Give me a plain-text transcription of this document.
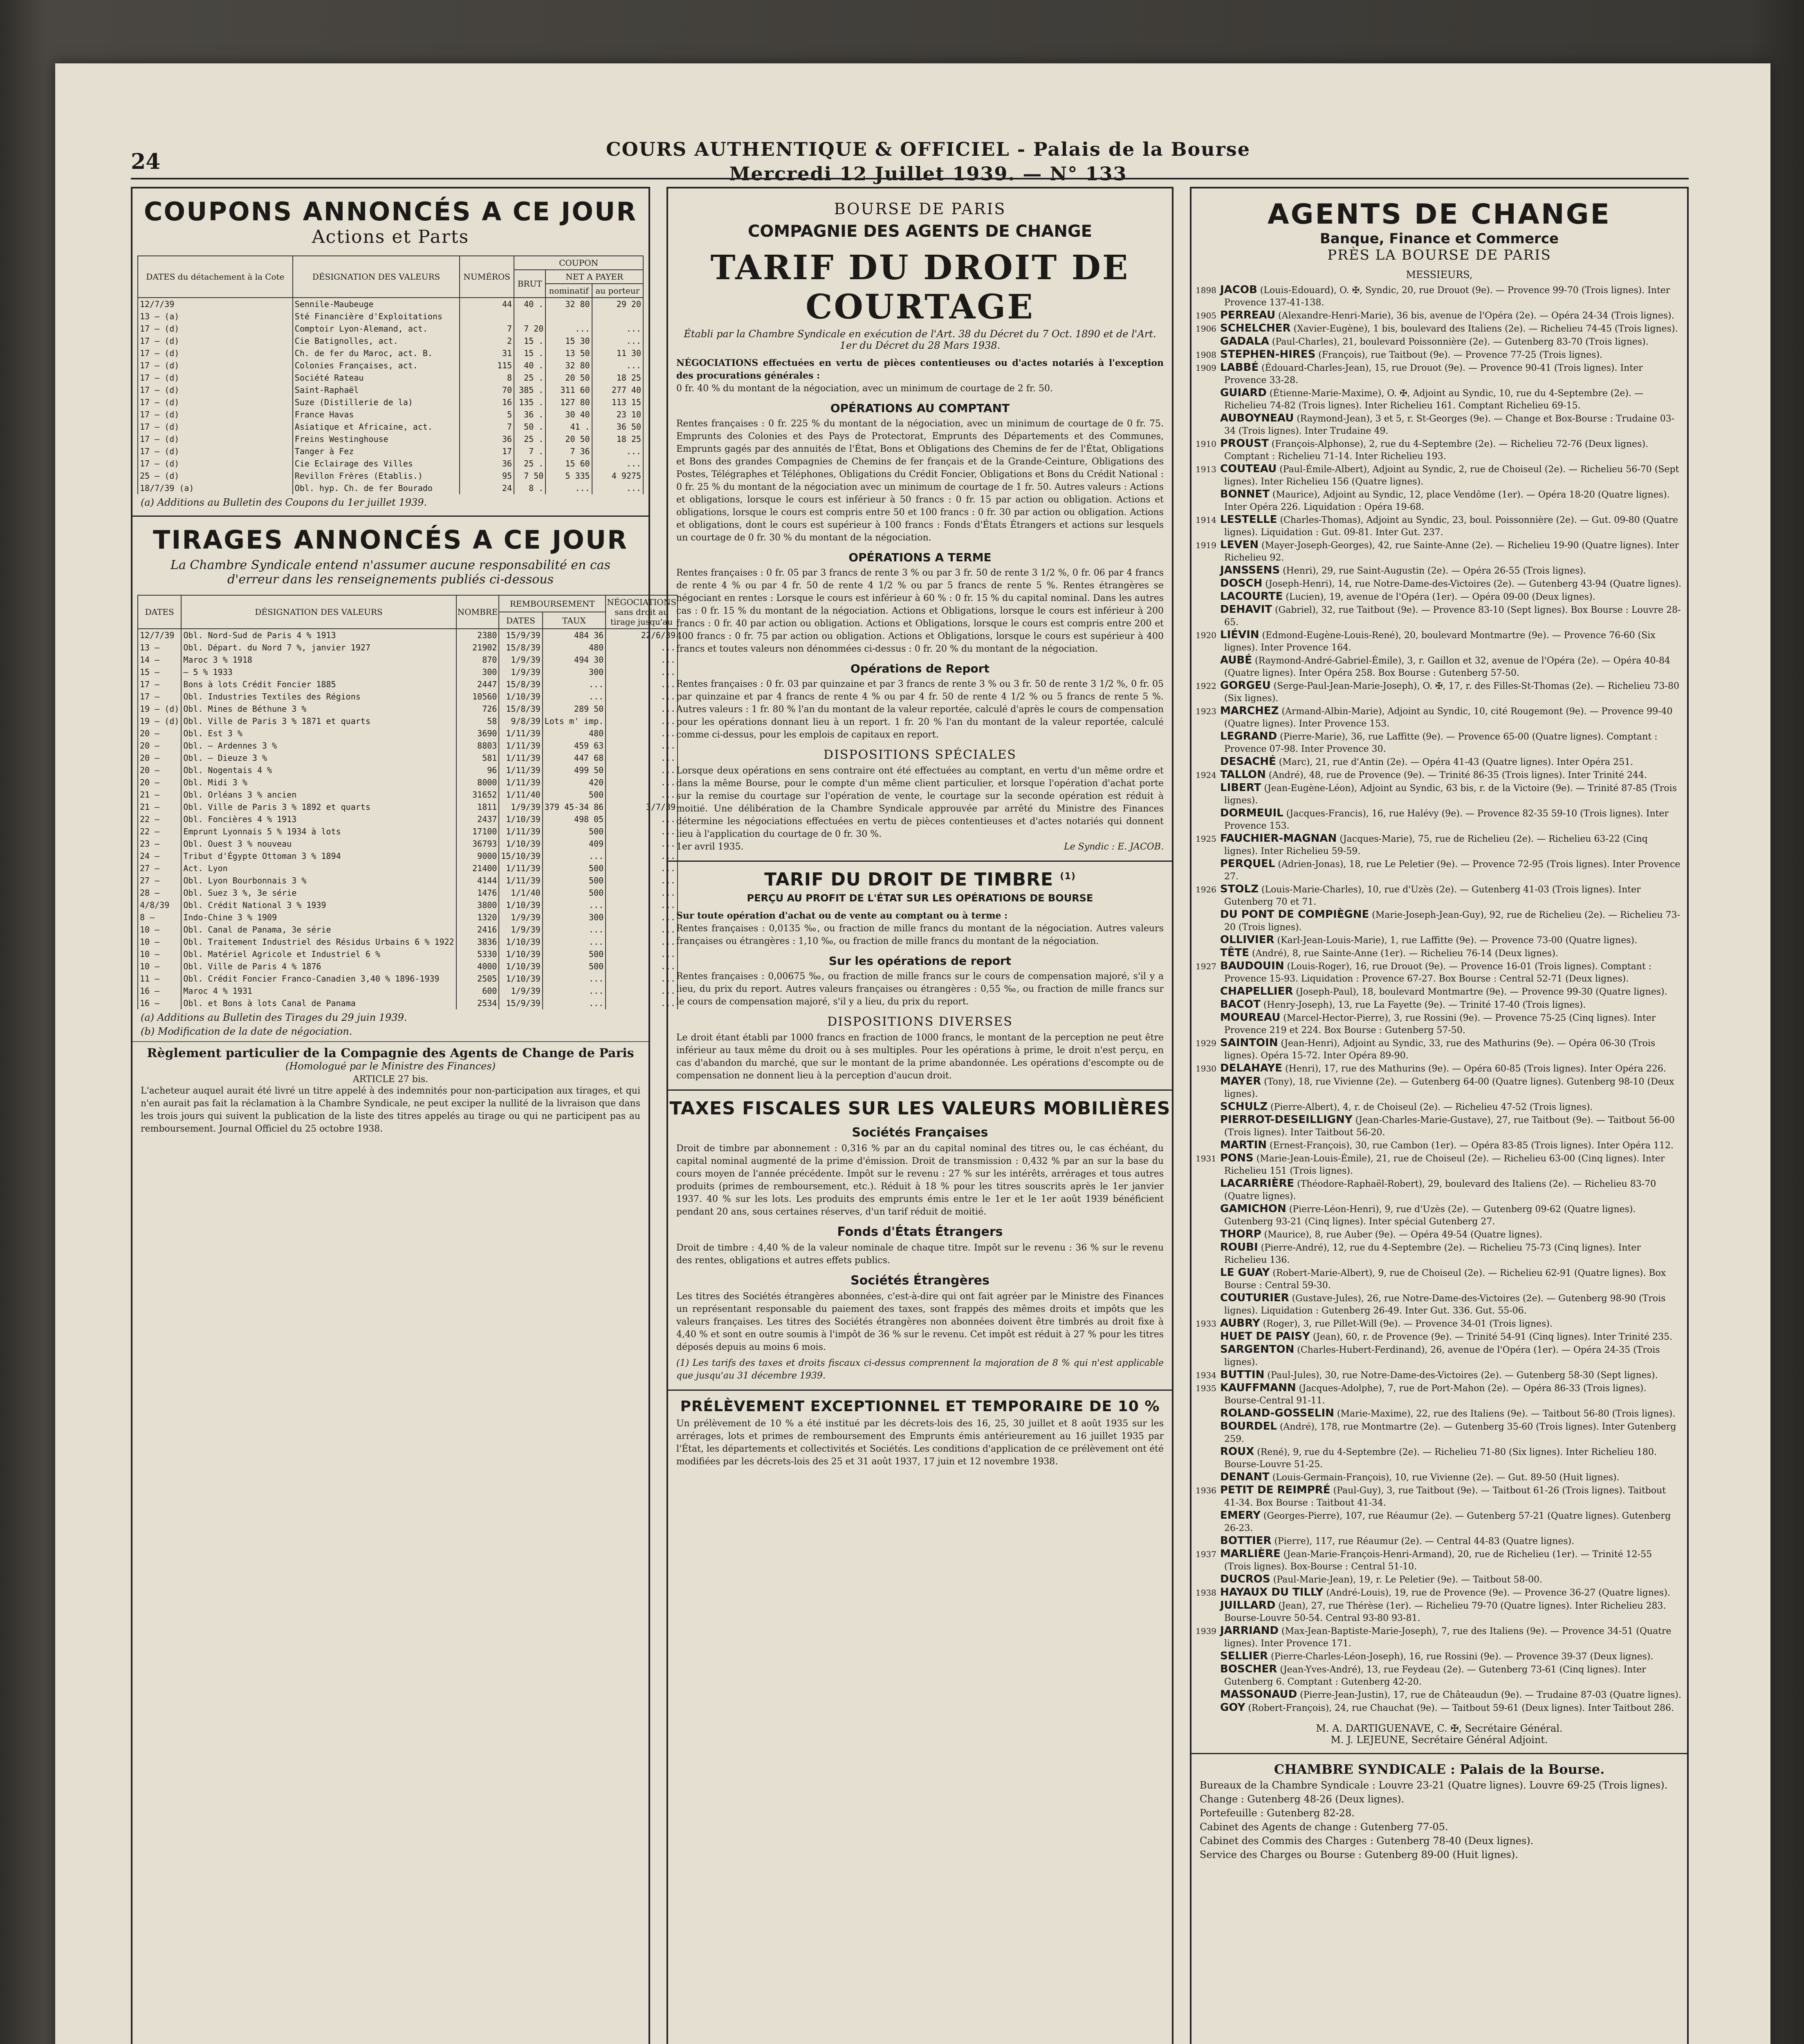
24	COURS AUTHENTIQUE & OFFICIEL - Palais de la Bourse
Mercredi 12 Juillet 1939. — N° 133
COUPONS ANNONCÉS A CE JOUR
Actions et Parts
DATES du détachement à la Cote	DÉSIGNATION DES VALEURS	NUMÉROS	COUPON		
			BRUT	NET A PAYER	
				nominatif	au porteur
12/7/39	Sennile-Maubeuge	44	40 .	32 80	29 20
13 — (a)	Sté Financière d'Exploitations				
17 — (d)	Comptoir Lyon-Alemand, act.	7	7 20	...	...
17 — (d)	Cie Batignolles, act.	2	15 .	15 30	...
17 — (d)	Ch. de fer du Maroc, act. B.	31	15 .	13 50	11 30
17 — (d)	Colonies Françaises, act.	115	40 .	32 80	...
17 — (d)	Société Rateau	8	25 .	20 50	18 25
17 — (d)	Saint-Raphaël	70	385 .	311 60	277 40
17 — (d)	Suze (Distillerie de la)	16	135 .	127 80	113 15
17 — (d)	France Havas	5	36 .	30 40	23 10
17 — (d)	Asiatique et Africaine, act.	7	50 .	41 .	36 50
17 — (d)	Freins Westinghouse	36	25 .	20 50	18 25
17 — (d)	Tanger à Fez	17	7 .	7 36	...
17 — (d)	Cie Eclairage des Villes	36	25 .	15 60	...
25 — (d)	Revillon Frères (Etablis.)	95	7 50	5 335	4 9275
18/7/39 (a)	Obl. hyp. Ch. de fer Bourado	24	8 .	...	...
(a) Additions au Bulletin des Coupons du 1er juillet 1939.
TIRAGES ANNONCÉS A CE JOUR
La Chambre Syndicale entend n'assumer aucune responsabilité en cas d'erreur dans les renseignements publiés ci-dessous
DATES	DÉSIGNATION DES VALEURS	NOMBRE	REMBOURSEMENT		NÉGOCIATIONS sans droit au tirage jusqu'au
			DATES	TAUX	
12/7/39	Obl. Nord-Sud de Paris 4 % 1913	2380	15/9/39	484 36	22/6/39
13 —	Obl. Départ. du Nord 7 %, janvier 1927	21902	15/8/39	480	...
14 —	Maroc 3 % 1918	870	1/9/39	494 30	...
15 —	— 5 % 1933	300	1/9/39	300	...
17 —	Bons à lots Crédit Foncier 1885	2447	15/8/39	...	...
17 —	Obl. Industries Textiles des Régions	10560	1/10/39	...	...
19 — (d)	Obl. Mines de Béthune 3 %	726	15/8/39	289 50	...
19 — (d)	Obl. Ville de Paris 3 % 1871 et quarts	58	9/8/39	Lots m' imp.	...
20 —	Obl. Est 3 %	3690	1/11/39	480	...
20 —	Obl. — Ardennes 3 %	8803	1/11/39	459 63	...
20 —	Obl. — Dieuze 3 %	581	1/11/39	447 68	...
20 —	Obl. Nogentais 4 %	96	1/11/39	499 50	...
20 —	Obl. Midi 3 %	8000	1/11/39	420	...
21 —	Obl. Orléans 3 % ancien	31652	1/11/40	500	...
21 —	Obl. Ville de Paris 3 % 1892 et quarts	1811	1/9/39	379 45-34 86	3/7/39
22 —	Obl. Foncières 4 % 1913	2437	1/10/39	498 05	...
22 —	Emprunt Lyonnais 5 % 1934 à lots	17100	1/11/39	500	...
23 —	Obl. Ouest 3 % nouveau	36793	1/10/39	409	...
24 —	Tribut d'Égypte Ottoman 3 % 1894	9000	15/10/39	...	...
27 —	Act. Lyon	21400	1/11/39	500	...
27 —	Obl. Lyon Bourbonnais 3 %	4144	1/11/39	500	...
28 —	Obl. Suez 3 %, 3e série	1476	1/1/40	500	...
4/8/39	Obl. Crédit National 3 % 1939	3800	1/10/39	...	...
8 —	Indo-Chine 3 % 1909	1320	1/9/39	300	...
10 —	Obl. Canal de Panama, 3e série	2416	1/9/39	...	...
10 —	Obl. Traitement Industriel des Résidus Urbains 6 % 1922	3836	1/10/39	...	...
10 —	Obl. Matériel Agricole et Industriel 6 %	5330	1/10/39	500	...
10 —	Obl. Ville de Paris 4 % 1876	4000	1/10/39	500	...
11 —	Obl. Crédit Foncier Franco-Canadien 3,40 % 1896-1939	2505	1/10/39	...	...
16 —	Maroc 4 % 1931	600	1/9/39	...	...
16 —	Obl. et Bons à lots Canal de Panama	2534	15/9/39	...	...
(a) Additions au Bulletin des Tirages du 29 juin 1939.
(b) Modification de la date de négociation.
Règlement particulier de la Compagnie des Agents de Change de Paris
(Homologué par le Ministre des Finances)
ARTICLE 27 bis.
L'acheteur auquel aurait été livré un titre appelé à des indemnités pour non-participation aux tirages, et qui n'en aurait pas fait la réclamation à la Chambre Syndicale, ne peut exciper la nullité de la livraison que dans les trois jours qui suivent la publication de la liste des titres appelés au tirage ou qui ne participent pas au remboursement. Journal Officiel du 25 octobre 1938.
BOURSE DE PARIS
COMPAGNIE DES AGENTS DE CHANGE
TARIF DU DROIT DE COURTAGE
Établi par la Chambre Syndicale en exécution de l'Art. 38 du Décret du 7 Oct. 1890 et de l'Art. 1er du Décret du 28 Mars 1938.
NÉGOCIATIONS effectuées en vertu de pièces contentieuses ou d'actes notariés à l'exception des procurations générales :
0 fr. 40 % du montant de la négociation, avec un minimum de courtage de 2 fr. 50.
OPÉRATIONS AU COMPTANT
Rentes françaises : 0 fr. 225 % du montant de la négociation, avec un minimum de courtage de 0 fr. 75. Emprunts des Colonies et des Pays de Protectorat, Emprunts des Départements et des Communes, Emprunts gagés par des annuités de l'État, Bons et Obligations des Chemins de fer de l'État, Obligations et Bons des grandes Compagnies de Chemins de fer français et de la Grande-Ceinture, Obligations des Postes, Télégraphes et Téléphones, Obligations du Crédit Foncier, Obligations et Bons du Crédit National : 0 fr. 25 % du montant de la négociation avec un minimum de courtage de 1 fr. 50. Autres valeurs : Actions et obligations, lorsque le cours est inférieur à 50 francs : 0 fr. 15 par action ou obligation. Actions et obligations, lorsque le cours est compris entre 50 et 100 francs : 0 fr. 30 par action ou obligation. Actions et obligations, dont le cours est supérieur à 100 francs : Fonds d'États Étrangers et actions sur lesquels un courtage de 0 fr. 30 % du montant de la négociation.
OPÉRATIONS A TERME
Rentes françaises : 0 fr. 05 par 3 francs de rente 3 % ou par 3 fr. 50 de rente 3 1/2 %, 0 fr. 06 par 4 francs de rente 4 % ou par 4 fr. 50 de rente 4 1/2 % ou par 5 francs de rente 5 %. Rentes étrangères se négociant en rentes : Lorsque le cours est inférieur à 60 % : 0 fr. 15 % du capital nominal. Dans les autres cas : 0 fr. 15 % du montant de la négociation. Actions et Obligations, lorsque le cours est inférieur à 200 francs : 0 fr. 40 par action ou obligation. Actions et Obligations, lorsque le cours est compris entre 200 et 400 francs : 0 fr. 75 par action ou obligation. Actions et Obligations, lorsque le cours est supérieur à 400 francs et toutes valeurs non dénommées ci-dessus : 0 fr. 20 % du montant de la négociation.
Opérations de Report
Rentes françaises : 0 fr. 03 par quinzaine et par 3 francs de rente 3 % ou 3 fr. 50 de rente 3 1/2 %, 0 fr. 05 par quinzaine et par 4 francs de rente 4 % ou par 4 fr. 50 de rente 4 1/2 % ou 5 francs de rente 5 %. Autres valeurs : 1 fr. 80 % l'an du montant de la valeur reportée, calculé d'après le cours de compensation pour les opérations donnant lieu à un report. 1 fr. 20 % l'an du montant de la valeur reportée, calculé comme ci-dessus, pour les emplois de capitaux en report.
DISPOSITIONS SPÉCIALES
Lorsque deux opérations en sens contraire ont été effectuées au comptant, en vertu d'un même ordre et dans la même Bourse, pour le compte d'un même client particulier, et lorsque l'opération d'achat porte sur la remise du courtage sur l'opération de vente, le courtage sur la seconde opération est réduit à moitié. Une délibération de la Chambre Syndicale approuvée par arrêté du Ministre des Finances détermine les négociations effectuées en vertu de pièces contentieuses et d'actes notariés qui donnent lieu à l'application du courtage de 0 fr. 30 %.
1er avril 1935.	Le Syndic : E. JACOB.
TARIF DU DROIT DE TIMBRE $^{(1)}$
PERÇU AU PROFIT DE L'ÉTAT SUR LES OPÉRATIONS DE BOURSE
Sur toute opération d'achat ou de vente au comptant ou à terme :
Rentes françaises : 0,0135 ‰, ou fraction de mille francs du montant de la négociation. Autres valeurs françaises ou étrangères : 1,10 ‰, ou fraction de mille francs du montant de la négociation.
Sur les opérations de report
Rentes françaises : 0,00675 ‰, ou fraction de mille francs sur le cours de compensation majoré, s'il y a lieu, du prix du report. Autres valeurs françaises ou étrangères : 0,55 ‰, ou fraction de mille francs sur le cours de compensation majoré, s'il y a lieu, du prix du report.
DISPOSITIONS DIVERSES
Le droit étant établi par 1000 francs en fraction de 1000 francs, le montant de la perception ne peut être inférieur au taux même du droit ou à ses multiples. Pour les opérations à prime, le droit n'est perçu, en cas d'abandon du marché, que sur le montant de la prime abandonnée. Les opérations d'escompte ou de compensation ne donnent lieu à la perception d'aucun droit.
TAXES FISCALES SUR LES VALEURS MOBILIÈRES
Sociétés Françaises
Droit de timbre par abonnement : 0,316 % par an du capital nominal des titres ou, le cas échéant, du capital nominal augmenté de la prime d'émission. Droit de transmission : 0,432 % par an sur la base du cours moyen de l'année précédente. Impôt sur le revenu : 27 % sur les intérêts, arrérages et tous autres produits (primes de remboursement, etc.). Réduit à 18 % pour les titres souscrits après le 1er janvier 1937. 40 % sur les lots. Les produits des emprunts émis entre le 1er et le 1er août 1939 bénéficient pendant 20 ans, sous certaines réserves, d'un tarif réduit de moitié.
Fonds d'États Étrangers
Droit de timbre : 4,40 % de la valeur nominale de chaque titre. Impôt sur le revenu : 36 % sur le revenu des rentes, obligations et autres effets publics.
Sociétés Étrangères
Les titres des Sociétés étrangères abonnées, c'est-à-dire qui ont fait agréer par le Ministre des Finances un représentant responsable du paiement des taxes, sont frappés des mêmes droits et impôts que les valeurs françaises. Les titres des Sociétés étrangères non abonnées doivent être timbrés au droit fixe à 4,40 % et sont en outre soumis à l'impôt de 36 % sur le revenu. Cet impôt est réduit à 27 % pour les titres déposés depuis au moins 6 mois.
(1) Les tarifs des taxes et droits fiscaux ci-dessus comprennent la majoration de 8 % qui n'est applicable que jusqu'au 31 décembre 1939.
PRÉLÈVEMENT EXCEPTIONNEL ET TEMPORAIRE DE 10 %
Un prélèvement de 10 % a été institué par les décrets-lois des 16, 25, 30 juillet et 8 août 1935 sur les arrérages, lots et primes de remboursement des Emprunts émis antérieurement au 16 juillet 1935 par l'État, les départements et collectivités et Sociétés. Les conditions d'application de ce prélèvement ont été modifiées par les décrets-lois des 25 et 31 août 1937, 17 juin et 12 novembre 1938.
AGENTS DE CHANGE
Banque, Finance et Commerce
PRÈS LA BOURSE DE PARIS
MESSIEURS,
1898 JACOB (Louis-Edouard), O. ✠, Syndic, 20, rue Drouot (9e). — Provence 99-70 (Trois lignes). Inter Provence 137-41-138.
1905 PERREAU (Alexandre-Henri-Marie), 36 bis, avenue de l'Opéra (2e). — Opéra 24-34 (Trois lignes).
1906 SCHELCHER (Xavier-Eugène), 1 bis, boulevard des Italiens (2e). — Richelieu 74-45 (Trois lignes).
GADALA (Paul-Charles), 21, boulevard Poissonnière (2e). — Gutenberg 83-70 (Trois lignes).
1908 STEPHEN-HIRES (François), rue Taitbout (9e). — Provence 77-25 (Trois lignes).
1909 LABBÉ (Édouard-Charles-Jean), 15, rue Drouot (9e). — Provence 90-41 (Trois lignes). Inter Provence 33-28.
GUIARD (Étienne-Marie-Maxime), O. ✠, Adjoint au Syndic, 10, rue du 4-Septembre (2e). — Richelieu 74-82 (Trois lignes). Inter Richelieu 161. Comptant Richelieu 69-15.
AUBOYNEAU (Raymond-Jean), 3 et 5, r. St-Georges (9e). — Change et Box-Bourse : Trudaine 03-34 (Trois lignes). Inter Trudaine 49.
1910 PROUST (François-Alphonse), 2, rue du 4-Septembre (2e). — Richelieu 72-76 (Deux lignes). Comptant : Richelieu 71-14. Inter Richelieu 193.
1913 COUTEAU (Paul-Émile-Albert), Adjoint au Syndic, 2, rue de Choiseul (2e). — Richelieu 56-70 (Sept lignes). Inter Richelieu 156 (Quatre lignes).
BONNET (Maurice), Adjoint au Syndic, 12, place Vendôme (1er). — Opéra 18-20 (Quatre lignes). Inter Opéra 226. Liquidation : Opéra 19-68.
1914 LESTELLE (Charles-Thomas), Adjoint au Syndic, 23, boul. Poissonnière (2e). — Gut. 09-80 (Quatre lignes). Liquidation : Gut. 09-81. Inter Gut. 237.
1919 LEVEN (Mayer-Joseph-Georges), 42, rue Sainte-Anne (2e). — Richelieu 19-90 (Quatre lignes). Inter Richelieu 92.
JANSSENS (Henri), 29, rue Saint-Augustin (2e). — Opéra 26-55 (Trois lignes).
DOSCH (Joseph-Henri), 14, rue Notre-Dame-des-Victoires (2e). — Gutenberg 43-94 (Quatre lignes).
LACOURTE (Lucien), 19, avenue de l'Opéra (1er). — Opéra 09-00 (Deux lignes).
DEHAVIT (Gabriel), 32, rue Taitbout (9e). — Provence 83-10 (Sept lignes). Box Bourse : Louvre 28-65.
1920 LIÉVIN (Edmond-Eugène-Louis-René), 20, boulevard Montmartre (9e). — Provence 76-60 (Six lignes). Inter Provence 164.
AUBÉ (Raymond-André-Gabriel-Émile), 3, r. Gaillon et 32, avenue de l'Opéra (2e). — Opéra 40-84 (Quatre lignes). Inter Opéra 258. Box Bourse : Gutenberg 57-50.
1922 GORGEU (Serge-Paul-Jean-Marie-Joseph), O. ✠, 17, r. des Filles-St-Thomas (2e). — Richelieu 73-80 (Six lignes).
1923 MARCHEZ (Armand-Albin-Marie), Adjoint au Syndic, 10, cité Rougemont (9e). — Provence 99-40 (Quatre lignes). Inter Provence 153.
LEGRAND (Pierre-Marie), 36, rue Laffitte (9e). — Provence 65-00 (Quatre lignes). Comptant : Provence 07-98. Inter Provence 30.
DESACHÉ (Marc), 21, rue d'Antin (2e). — Opéra 41-43 (Quatre lignes). Inter Opéra 251.
1924 TALLON (André), 48, rue de Provence (9e). — Trinité 86-35 (Trois lignes). Inter Trinité 244.
LIBERT (Jean-Eugène-Léon), Adjoint au Syndic, 63 bis, r. de la Victoire (9e). — Trinité 87-85 (Trois lignes).
DORMEUIL (Jacques-Francis), 16, rue Halévy (9e). — Provence 82-35 59-10 (Trois lignes). Inter Provence 153.
1925 FAUCHIER-MAGNAN (Jacques-Marie), 75, rue de Richelieu (2e). — Richelieu 63-22 (Cinq lignes). Inter Richelieu 59-59.
PERQUEL (Adrien-Jonas), 18, rue Le Peletier (9e). — Provence 72-95 (Trois lignes). Inter Provence 27.
1926 STOLZ (Louis-Marie-Charles), 10, rue d'Uzès (2e). — Gutenberg 41-03 (Trois lignes). Inter Gutenberg 70 et 71.
DU PONT DE COMPIÈGNE (Marie-Joseph-Jean-Guy), 92, rue de Richelieu (2e). — Richelieu 73-20 (Trois lignes).
OLLIVIER (Karl-Jean-Louis-Marie), 1, rue Laffitte (9e). — Provence 73-00 (Quatre lignes).
TÊTE (André), 8, rue Sainte-Anne (1er). — Richelieu 76-14 (Deux lignes).
1927 BAUDOUIN (Louis-Roger), 16, rue Drouot (9e). — Provence 16-01 (Trois lignes). Comptant : Provence 15-93. Liquidation : Provence 67-27. Box Bourse : Central 52-71 (Deux lignes).
CHAPELLIER (Joseph-Paul), 18, boulevard Montmartre (9e). — Provence 99-30 (Quatre lignes).
BACOT (Henry-Joseph), 13, rue La Fayette (9e). — Trinité 17-40 (Trois lignes).
MOUREAU (Marcel-Hector-Pierre), 3, rue Rossini (9e). — Provence 75-25 (Cinq lignes). Inter Provence 219 et 224. Box Bourse : Gutenberg 57-50.
1929 SAINTOIN (Jean-Henri), Adjoint au Syndic, 33, rue des Mathurins (9e). — Opéra 06-30 (Trois lignes). Opéra 15-72. Inter Opéra 89-90.
1930 DELAHAYE (Henri), 17, rue des Mathurins (9e). — Opéra 60-85 (Trois lignes). Inter Opéra 226.
MAYER (Tony), 18, rue Vivienne (2e). — Gutenberg 64-00 (Quatre lignes). Gutenberg 98-10 (Deux lignes).
SCHULZ (Pierre-Albert), 4, r. de Choiseul (2e). — Richelieu 47-52 (Trois lignes).
PIERROT-DESEILLIGNY (Jean-Charles-Marie-Gustave), 27, rue Taitbout (9e). — Taitbout 56-00 (Trois lignes). Inter Taitbout 56-20.
MARTIN (Ernest-François), 30, rue Cambon (1er). — Opéra 83-85 (Trois lignes). Inter Opéra 112.
1931 PONS (Marie-Jean-Louis-Émile), 21, rue de Choiseul (2e). — Richelieu 63-00 (Cinq lignes). Inter Richelieu 151 (Trois lignes).
LACARRIÈRE (Théodore-Raphaël-Robert), 29, boulevard des Italiens (2e). — Richelieu 83-70 (Quatre lignes).
GAMICHON (Pierre-Léon-Henri), 9, rue d'Uzès (2e). — Gutenberg 09-62 (Quatre lignes). Gutenberg 93-21 (Cinq lignes). Inter spécial Gutenberg 27.
THORP (Maurice), 8, rue Auber (9e). — Opéra 49-54 (Quatre lignes).
ROUBI (Pierre-André), 12, rue du 4-Septembre (2e). — Richelieu 75-73 (Cinq lignes). Inter Richelieu 136.
LE GUAY (Robert-Marie-Albert), 9, rue de Choiseul (2e). — Richelieu 62-91 (Quatre lignes). Box Bourse : Central 59-30.
COUTURIER (Gustave-Jules), 26, rue Notre-Dame-des-Victoires (2e). — Gutenberg 98-90 (Trois lignes). Liquidation : Gutenberg 26-49. Inter Gut. 336. Gut. 55-06.
1933 AUBRY (Roger), 3, rue Pillet-Will (9e). — Provence 34-01 (Trois lignes).
HUET DE PAISY (Jean), 60, r. de Provence (9e). — Trinité 54-91 (Cinq lignes). Inter Trinité 235.
SARGENTON (Charles-Hubert-Ferdinand), 26, avenue de l'Opéra (1er). — Opéra 24-35 (Trois lignes).
1934 BUTTIN (Paul-Jules), 30, rue Notre-Dame-des-Victoires (2e). — Gutenberg 58-30 (Sept lignes).
1935 KAUFFMANN (Jacques-Adolphe), 7, rue de Port-Mahon (2e). — Opéra 86-33 (Trois lignes). Bourse-Central 91-11.
ROLAND-GOSSELIN (Marie-Maxime), 22, rue des Italiens (9e). — Taitbout 56-80 (Trois lignes).
BOURDEL (André), 178, rue Montmartre (2e). — Gutenberg 35-60 (Trois lignes). Inter Gutenberg 259.
ROUX (René), 9, rue du 4-Septembre (2e). — Richelieu 71-80 (Six lignes). Inter Richelieu 180. Bourse-Louvre 51-25.
DENANT (Louis-Germain-François), 10, rue Vivienne (2e). — Gut. 89-50 (Huit lignes).
1936 PETIT DE REIMPRÉ (Paul-Guy), 3, rue Taitbout (9e). — Taitbout 61-26 (Trois lignes). Taitbout 41-34. Box Bourse : Taitbout 41-34.
EMERY (Georges-Pierre), 107, rue Réaumur (2e). — Gutenberg 57-21 (Quatre lignes). Gutenberg 26-23.
BOTTIER (Pierre), 117, rue Réaumur (2e). — Central 44-83 (Quatre lignes).
1937 MARLIÈRE (Jean-Marie-François-Henri-Armand), 20, rue de Richelieu (1er). — Trinité 12-55 (Trois lignes). Box-Bourse : Central 51-10.
DUCROS (Paul-Marie-Jean), 19, r. Le Peletier (9e). — Taitbout 58-00.
1938 HAYAUX DU TILLY (André-Louis), 19, rue de Provence (9e). — Provence 36-27 (Quatre lignes).
JUILLARD (Jean), 27, rue Thérèse (1er). — Richelieu 79-70 (Quatre lignes). Inter Richelieu 283. Bourse-Louvre 50-54. Central 93-80 93-81.
1939 JARRIAND (Max-Jean-Baptiste-Marie-Joseph), 7, rue des Italiens (9e). — Provence 34-51 (Quatre lignes). Inter Provence 171.
SELLIER (Pierre-Charles-Léon-Joseph), 16, rue Rossini (9e). — Provence 39-37 (Deux lignes).
BOSCHER (Jean-Yves-André), 13, rue Feydeau (2e). — Gutenberg 73-61 (Cinq lignes). Inter Gutenberg 6. Comptant : Gutenberg 42-20.
MASSONAUD (Pierre-Jean-Justin), 17, rue de Châteaudun (9e). — Trudaine 87-03 (Quatre lignes).
GOY (Robert-François), 24, rue Chauchat (9e). — Taitbout 59-61 (Deux lignes). Inter Taitbout 286.
M. A. DARTIGUENAVE, C. ✠, Secrétaire Général.
M. J. LEJEUNE, Secrétaire Général Adjoint.
CHAMBRE SYNDICALE : Palais de la Bourse.
Bureaux de la Chambre Syndicale : Louvre 23-21 (Quatre lignes). Louvre 69-25 (Trois lignes).
Change : Gutenberg 48-26 (Deux lignes).
Portefeuille : Gutenberg 82-28.
Cabinet des Agents de change : Gutenberg 77-05.
Cabinet des Commis des Charges : Gutenberg 78-40 (Deux lignes).
Service des Charges ou Bourse : Gutenberg 89-00 (Huit lignes).
